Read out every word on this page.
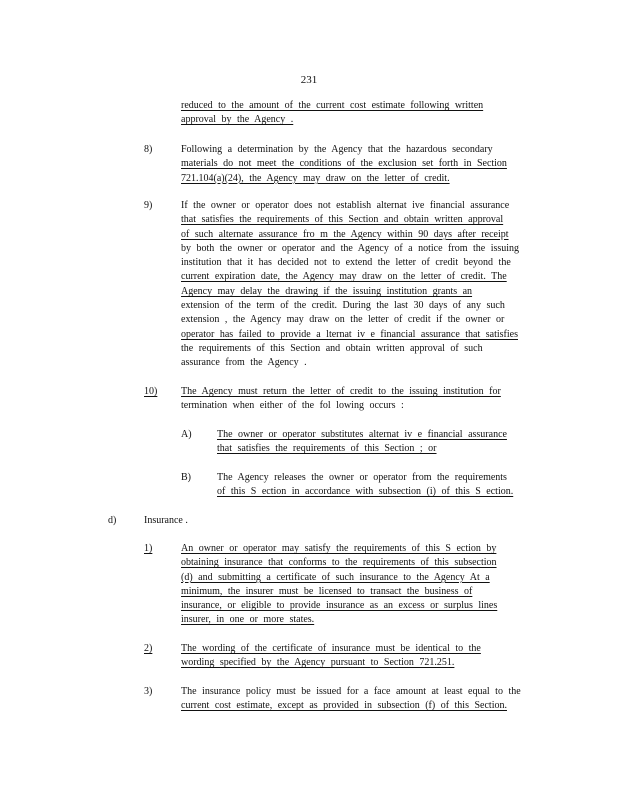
231
reduced to the amount of the current cost estimate following written
approval by the Agency .
8)	Following a determination by the Agency that the hazardous secondary
materials do not meet the conditions of the exclusion set forth in Section
721.104(a)(24), the Agency may draw on the letter of credit.
9)	If the owner or operator does not establish alternat ive financial assurance
that satisfies the requirements of this Section and obtain written approval
of such alternate assurance fro m the Agency within 90 days after receipt
by both the owner or operator and the Agency of a notice from the issuing
institution that it has decided not to extend the letter of credit beyond the
current expiration date, the Agency may draw on the letter of credit. The
Agency may delay the drawing if the issuing institution grants an
extension of the term of the credit. During the last 30 days of any such
extension , the Agency may draw on the letter of credit if the owner or
operator has failed to provide a lternat iv e financial assurance that satisfies
the requirements of this Section and obtain written approval of such
assurance from the Agency .
10) The Agency must return the letter of credit to the issuing institution for
termination when either of the fol lowing occurs :
A)	The owner or operator substitutes alternat iv e financial assurance
that satisfies the requirements of this Section ; or
B)	The Agency releases the owner or operator from the requirements
of this S ection in accordance with subsection (i) of this S ection.
d)	Insurance .
1)	An owner or operator may satisfy the requirements of this S ection by
obtaining insurance that conforms to the requirements of this subsection
(d) and submitting a certificate of such insurance to the Agency At a
minimum, the insurer must be licensed to transact the business of
insurance, or eligible to provide insurance as an excess or surplus lines
insurer, in one or more states.
2)	The wording of the certificate of insurance must be identical to the
wording specified by the Agency pursuant to Section 721.251.
3)	The insurance policy must be issued for a face amount at least equal to the
current cost estimate, except as provided in subsection (f) of this Section.
